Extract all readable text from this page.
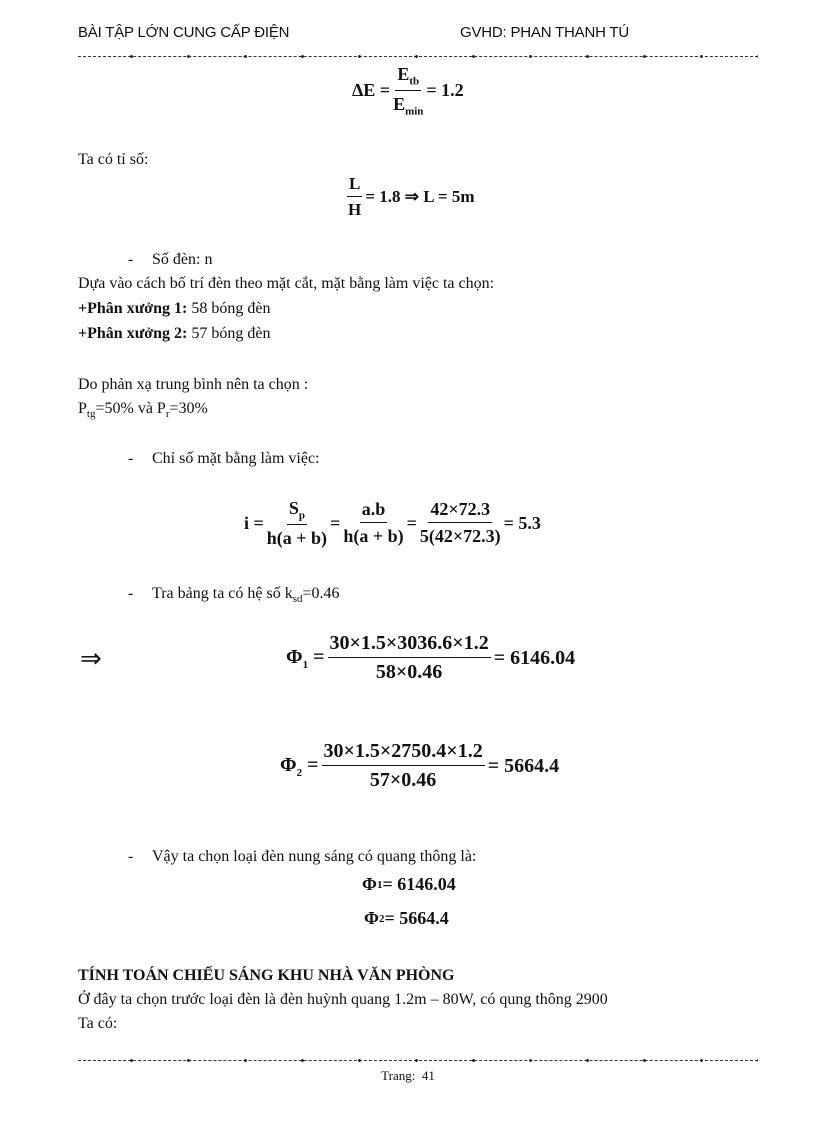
BÀI TẬP LỚN CUNG CẤP ĐIỆN	GVHD: PHAN THANH TÚ
$\Delta E = \frac{E_{tb}}{E_{min}} = 1.2$
Ta có tỉ số:
$\frac{L}{H} = 1.8$ ⇒ L = 5m
- Số đèn: n
Dựa vào cách bố trí đèn theo mặt cắt, mặt bằng làm việc ta chọn:
+Phân xưởng 1: 58 bóng đèn
+Phân xưởng 2: 57 bóng đèn
Do phản xạ trung bình nên ta chọn :
$P_{tg}=50\%$ và $P_r=30\%$
- Chỉ số mặt bằng làm việc:
$i = \frac{S_p}{h(a + b)} = \frac{a.b}{h(a + b)} = \frac{42\times 72.3}{5(42\times 72.3)} = 5.3$
- Tra bảng ta có hệ số $k_{sd}=0.46$
⇒	$\Phi_1 = \frac{30\times 1.5\times 3036.6\times 1.2}{58\times 0.46} = 6146.04$
$\Phi_2 = \frac{30\times 1.5\times 2750.4\times 1.2}{57\times 0.46} = 5664.4$
- Vậy ta chọn loại đèn nung sáng có quang thông là:
Φ 1 = 6146.04
Φ 2 = 5664.4
TÍNH TOÁN CHIẾU SÁNG KHU NHÀ VĂN PHÒNG
Ở đây ta chọn trước loại đèn là đèn huỳnh quang 1.2m – 80W, có qung thông 2900
Ta có:
Trang: 41
